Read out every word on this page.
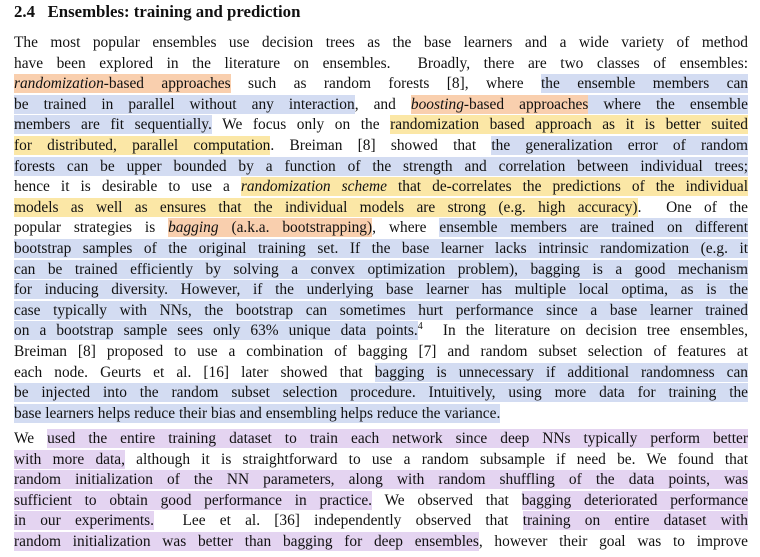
2.4   Ensembles: training and prediction
The most popular ensembles use decision trees as the base learners and a wide variety of method
have been explored in the literature on ensembles.  Broadly, there are two classes of ensembles:
randomization-based approaches such as random forests [8], where the ensemble members can
be trained in parallel without any interaction, and boosting-based approaches where the ensemble
members are fit sequentially. We focus only on the randomization based approach as it is better suited
for distributed, parallel computation. Breiman [8] showed that the generalization error of random
forests can be upper bounded by a function of the strength and correlation between individual trees;
hence it is desirable to use a randomization scheme that de-correlates the predictions of the individual
models as well as ensures that the individual models are strong (e.g. high accuracy).  One of the
popular strategies is bagging (a.k.a. bootstrapping), where ensemble members are trained on different
bootstrap samples of the original training set. If the base learner lacks intrinsic randomization (e.g. it
can be trained efficiently by solving a convex optimization problem), bagging is a good mechanism
for inducing diversity. However, if the underlying base learner has multiple local optima, as is the
case typically with NNs, the bootstrap can sometimes hurt performance since a base learner trained
on a bootstrap sample sees only 63% unique data points.$^4$  In the literature on decision tree ensembles,
Breiman [8] proposed to use a combination of bagging [7] and random subset selection of features at
each node. Geurts et al. [16] later showed that bagging is unnecessary if additional randomness can
be injected into the random subset selection procedure. Intuitively, using more data for training the
base learners helps reduce their bias and ensembling helps reduce the variance.
We used the entire training dataset to train each network since deep NNs typically perform better
with more data, although it is straightforward to use a random subsample if need be. We found that
random initialization of the NN parameters, along with random shuffling of the data points, was
sufficient to obtain good performance in practice. We observed that bagging deteriorated performance
in our experiments.  Lee et al. [36] independently observed that training on entire dataset with
random initialization was better than bagging for deep ensembles, however their goal was to improve
